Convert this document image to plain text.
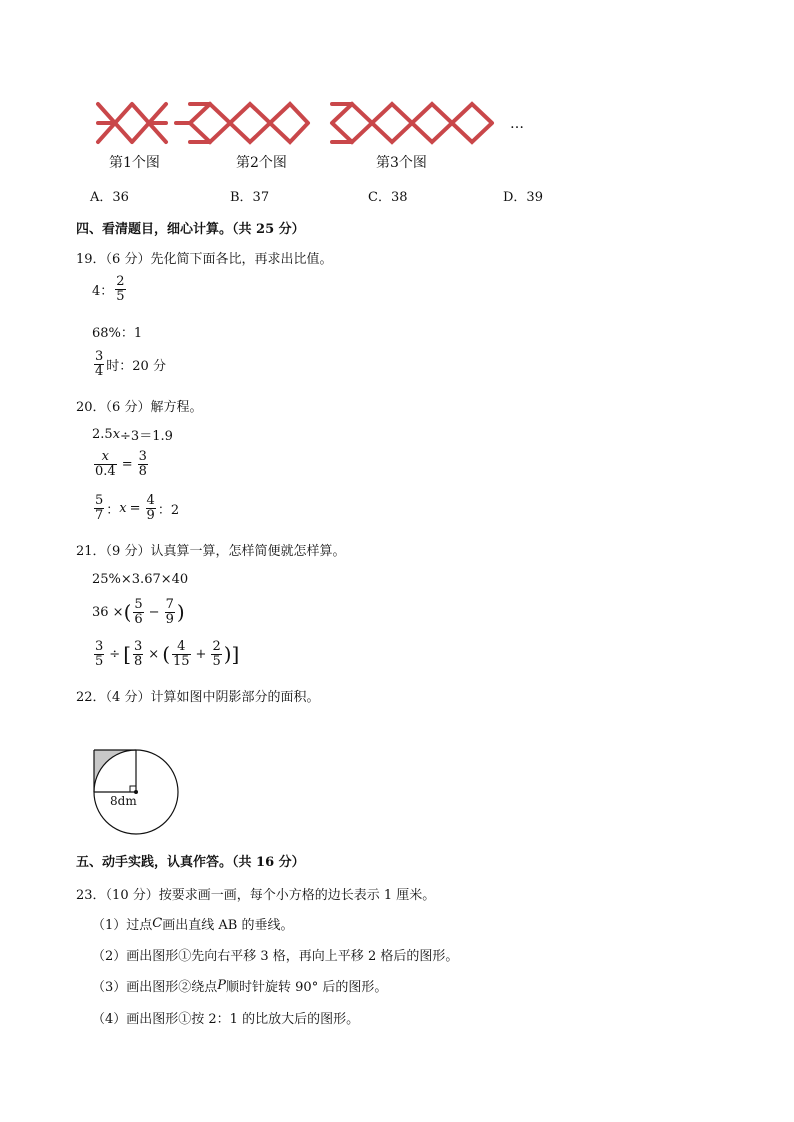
…
第1个图	第2个图	第3个图
A．36	B．37	C．38	D．39
四、看清题目，细心计算。（共 25 分）
19．（6 分）先化简下面各比，再求出比值。
4： $\frac{2}{5}$
68%：1
$\frac{3}{4}$ 时：20 分
20．（6 分）解方程。
2.5 x ÷3＝1.9
$\frac{x}{0.4} = \frac{3}{8}$
$\frac{5}{7}$ ： $x = \frac{4}{9}$ ：2
21．（9 分）认真算一算，怎样简便就怎样算。
25%×3.67×40
36 × ( $\frac{5}{6} - \frac{7}{9}$ )
$\frac{3}{5}$ ÷ [ $\frac{3}{8}$ × ( $\frac{4}{15} + \frac{2}{5}$ )]
22．（4 分）计算如图中阴影部分的面积。
8dm
五、动手实践，认真作答。（共 16 分）
23．（10 分）按要求画一画，每个小方格的边长表示 1 厘米。
（1）过点 C 画出直线 AB 的垂线。
（2）画出图形①先向右平移 3 格，再向上平移 2 格后的图形。
（3）画出图形②绕点 P 顺时针旋转 90° 后的图形。
（4）画出图形①按 2：1 的比放大后的图形。
